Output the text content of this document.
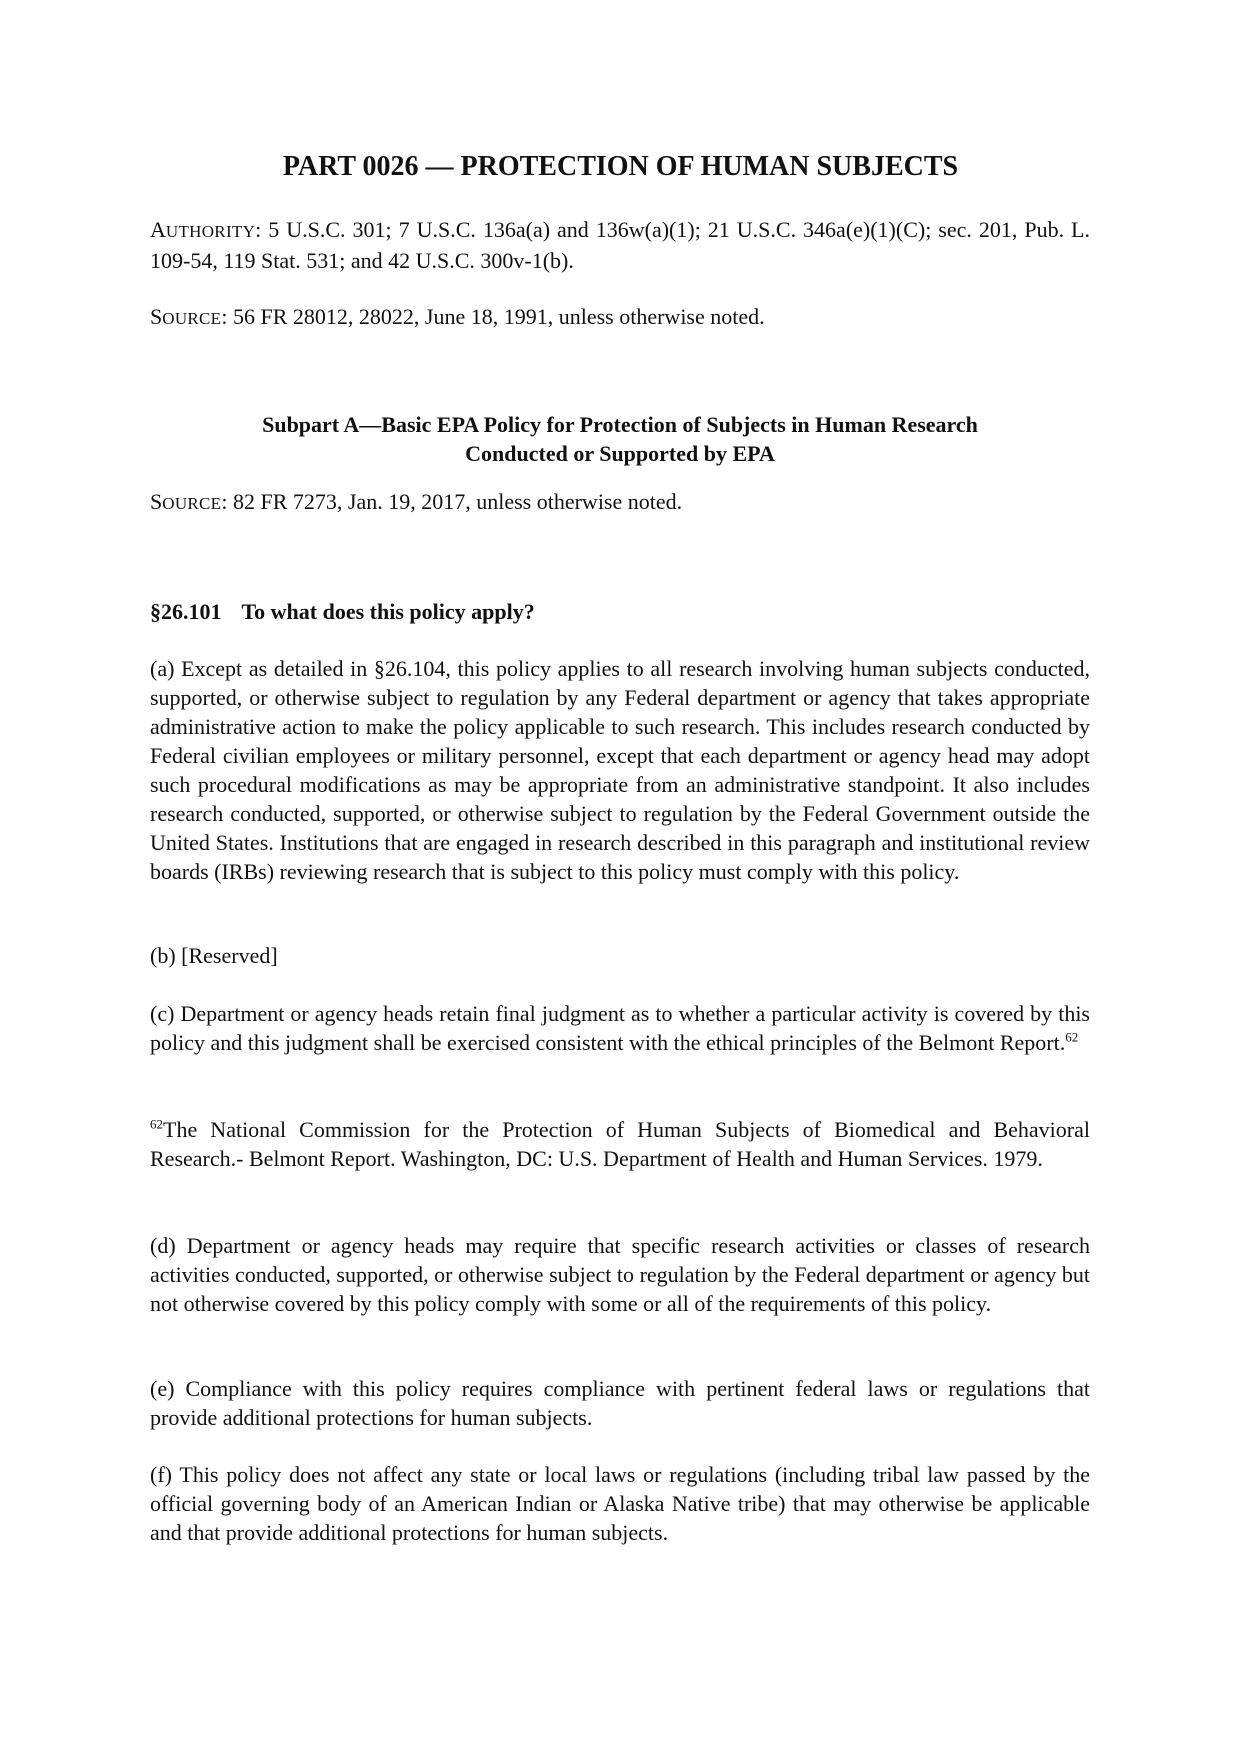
PART 0026 — PROTECTION OF HUMAN SUBJECTS
AUTHORITY: 5 U.S.C. 301; 7 U.S.C. 136a(a) and 136w(a)(1); 21 U.S.C. 346a(e)(1)(C); sec. 201, Pub. L. 109-54, 119 Stat. 531; and 42 U.S.C. 300v-1(b).
SOURCE: 56 FR 28012, 28022, June 18, 1991, unless otherwise noted.
Subpart A—Basic EPA Policy for Protection of Subjects in Human Research
Conducted or Supported by EPA
SOURCE: 82 FR 7273, Jan. 19, 2017, unless otherwise noted.
§26.101 To what does this policy apply?
(a) Except as detailed in §26.104, this policy applies to all research involving human subjects conducted, supported, or otherwise subject to regulation by any Federal department or agency that takes appropriate administrative action to make the policy applicable to such research. This includes research conducted by Federal civilian employees or military personnel, except that each department or agency head may adopt such procedural modifications as may be appropriate from an administrative standpoint. It also includes research conducted, supported, or otherwise subject to regulation by the Federal Government outside the United States. Institutions that are engaged in research described in this paragraph and institutional review boards (IRBs) reviewing research that is subject to this policy must comply with this policy.
(b) [Reserved]
(c) Department or agency heads retain final judgment as to whether a particular activity is covered by this policy and this judgment shall be exercised consistent with the ethical principles of the Belmont Report.$^{62}$
$^{62}$The National Commission for the Protection of Human Subjects of Biomedical and Behavioral Research.- Belmont Report. Washington, DC: U.S. Department of Health and Human Services. 1979.
(d) Department or agency heads may require that specific research activities or classes of research activities conducted, supported, or otherwise subject to regulation by the Federal department or agency but not otherwise covered by this policy comply with some or all of the requirements of this policy.
(e) Compliance with this policy requires compliance with pertinent federal laws or regulations that provide additional protections for human subjects.
(f) This policy does not affect any state or local laws or regulations (including tribal law passed by the official governing body of an American Indian or Alaska Native tribe) that may otherwise be applicable and that provide additional protections for human subjects.
